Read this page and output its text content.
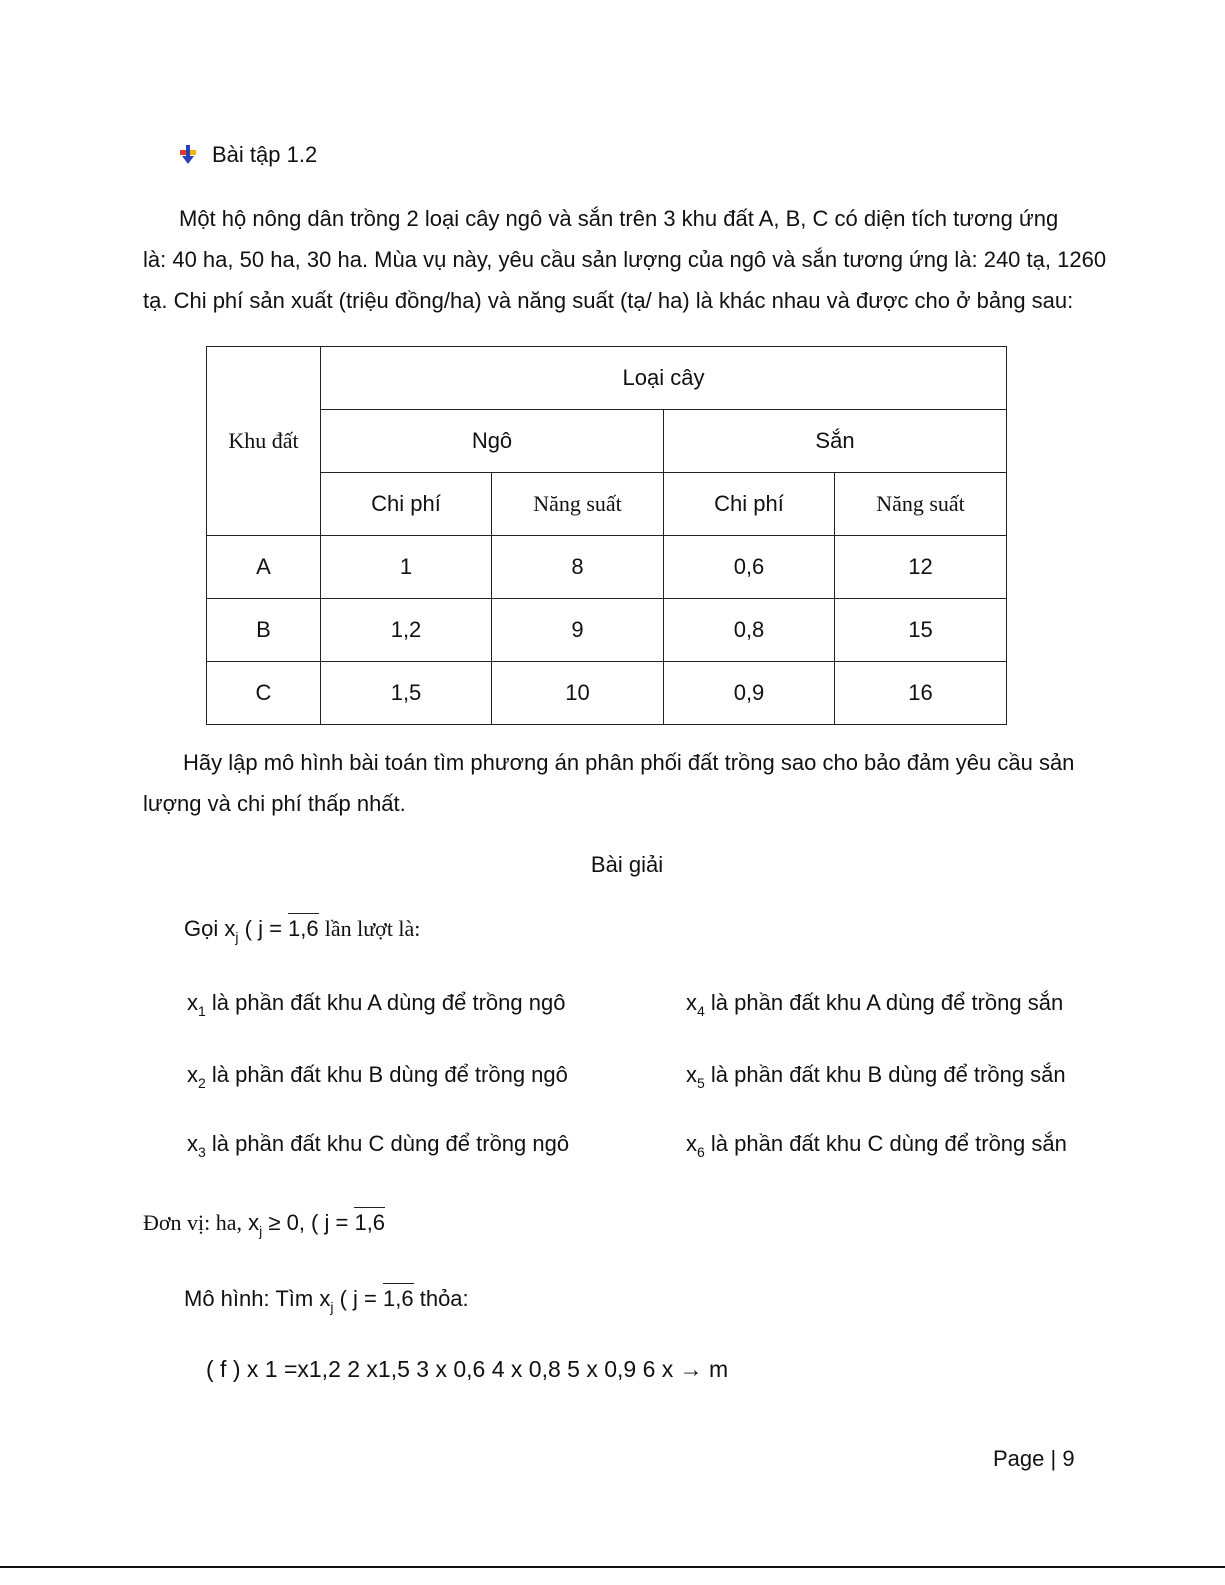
Bài tập 1.2
Một hộ nông dân trồng 2 loại cây ngô và sắn trên 3 khu đất A, B, C có diện tích tương ứng
là: 40 ha, 50 ha, 30 ha. Mùa vụ này, yêu cầu sản lượng của ngô và sắn tương ứng là: 240 tạ, 1260
tạ. Chi phí sản xuất (triệu đồng/ha) và năng suất (tạ/ ha) là khác nhau và được cho ở bảng sau:
Khu đất	Loại cây			
	Ngô		Sắn	
	Chi phí	Năng suất	Chi phí	Năng suất
A	1	8	0,6	12
B	1,2	9	0,8	15
C	1,5	10	0,9	16
Hãy lập mô hình bài toán tìm phương án phân phối đất trồng sao cho bảo đảm yêu cầu sản
lượng và chi phí thấp nhất.
Bài giải
Gọi $x_j$ ( j = 1,6 lần lượt là:
$x_1$ là phần đất khu A dùng để trồng ngô	$x_4$ là phần đất khu A dùng để trồng sắn
$x_2$ là phần đất khu B dùng để trồng ngô	$x_5$ là phần đất khu B dùng để trồng sắn
$x_3$ là phần đất khu C dùng để trồng ngô	$x_6$ là phần đất khu C dùng để trồng sắn
Đơn vị: ha, $x_j \ge 0$, ( j = 1,6
Mô hình: Tìm $x_j$ ( j = 1,6 thỏa:
( f ) x 1 =x1,2 2 x1,5 3 x 0,6 4 x 0,8 5 x 0,9 6 x → m
Page | 9
